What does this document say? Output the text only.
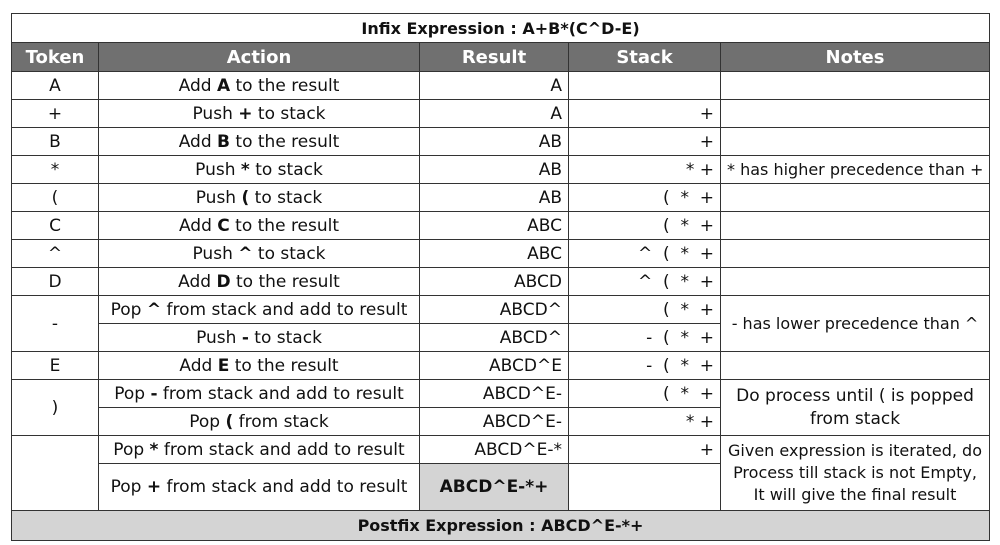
Infix Expression : A+B*(C^D-E)				
Token	Action	Result	Stack	Notes
A	Add A to the result	A		
+	Push + to stack	A	+	
B	Add B to the result	AB	+	
*	Push * to stack	AB	* +	* has higher precedence than +
(	Push ( to stack	AB	(  *  +	
C	Add C to the result	ABC	(  *  +	
^	Push ^ to stack	ABC	^  (  *  +	
D	Add D to the result	ABCD	^  (  *  +	
-	Pop ^ from stack and add to result	ABCD^	(  *  +	- has lower precedence than ^
	Push - to stack	ABCD^	-  (  *  +	
E	Add E to the result	ABCD^E	-  (  *  +	
)	Pop - from stack and add to result	ABCD^E-	(  *  +	Do process until ( is popped from stack
	Pop ( from stack	ABCD^E-	* +	
	Pop * from stack and add to result	ABCD^E-*	+	Given expression is iterated, do Process till stack is not Empty, It will give the final result
	Pop + from stack and add to result	ABCD^E-*+		
Postfix Expression : ABCD^E-*+				
